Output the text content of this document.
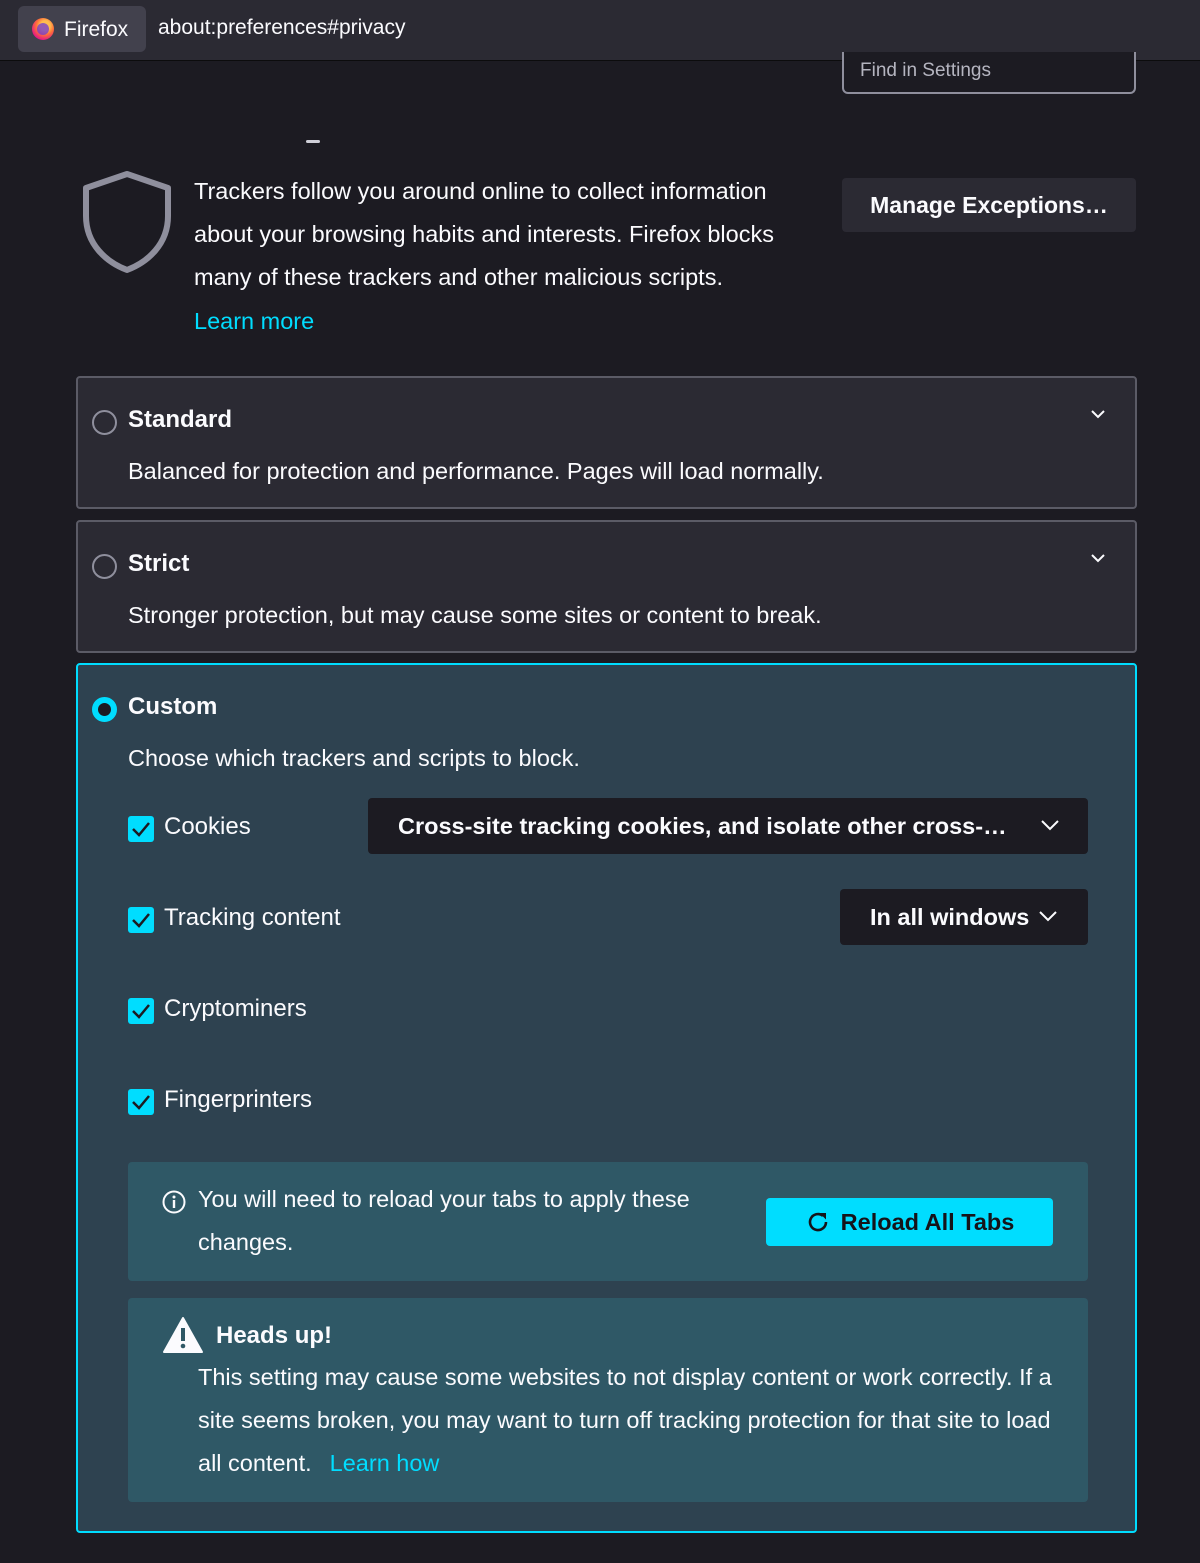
Firefox about:preferences#privacy
Find in Settings
Trackers follow you around online to collect information about your browsing habits and interests. Firefox blocks many of these trackers and other malicious scripts.
Learn more
Manage Exceptions…
Standard
Balanced for protection and performance. Pages will load normally.
Strict
Stronger protection, but may cause some sites or content to break.
Custom
Choose which trackers and scripts to block.
Cookies	Cross-site tracking cookies, and isolate other cross-…
Tracking content	In all windows
Cryptominers
Fingerprinters
You will need to reload your tabs to apply these changes.
Reload All Tabs
Heads up!
This setting may cause some websites to not display content or work correctly. If a site seems broken, you may want to turn off tracking protection for that site to load all content. Learn how
